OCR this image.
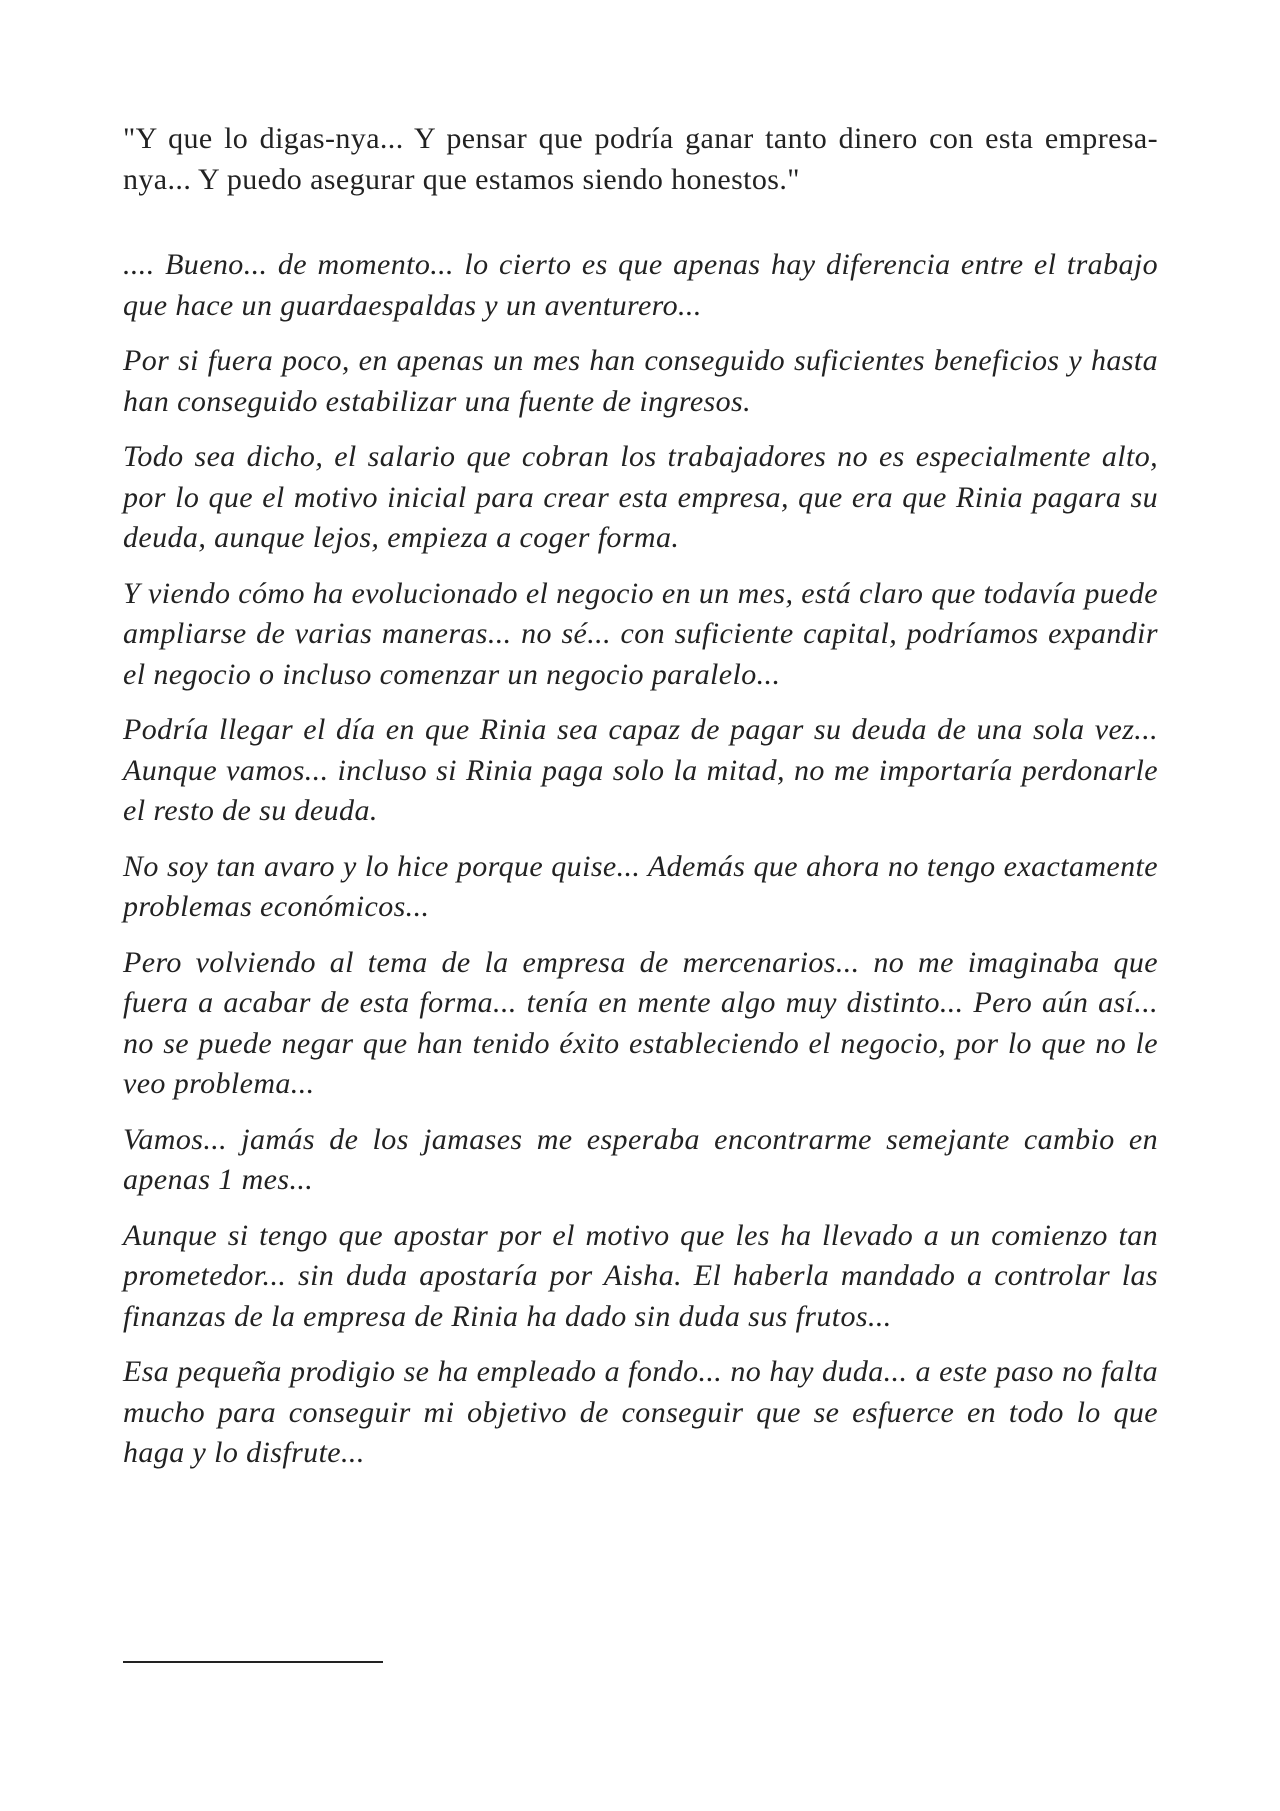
"Y que lo digas-nya... Y pensar que podría ganar tanto dinero con esta empresa-nya... Y puedo asegurar que estamos siendo honestos."

.... Bueno... de momento... lo cierto es que apenas hay diferencia entre el trabajo que hace un guardaespaldas y un aventurero...

Por si fuera poco, en apenas un mes han conseguido suficientes beneficios y hasta han conseguido estabilizar una fuente de ingresos.

Todo sea dicho, el salario que cobran los trabajadores no es especialmente alto, por lo que el motivo inicial para crear esta empresa, que era que Rinia pagara su deuda, aunque lejos, empieza a coger forma.

Y viendo cómo ha evolucionado el negocio en un mes, está claro que todavía puede ampliarse de varias maneras... no sé... con suficiente capital, podríamos expandir el negocio o incluso comenzar un negocio paralelo...

Podría llegar el día en que Rinia sea capaz de pagar su deuda de una sola vez... Aunque vamos... incluso si Rinia paga solo la mitad, no me importaría perdonarle el resto de su deuda.

No soy tan avaro y lo hice porque quise... Además que ahora no tengo exactamente problemas económicos...

Pero volviendo al tema de la empresa de mercenarios... no me imaginaba que fuera a acabar de esta forma... tenía en mente algo muy distinto... Pero aún así... no se puede negar que han tenido éxito estableciendo el negocio, por lo que no le veo problema...

Vamos... jamás de los jamases me esperaba encontrarme semejante cambio en apenas 1 mes...

Aunque si tengo que apostar por el motivo que les ha llevado a un comienzo tan prometedor... sin duda apostaría por Aisha. El haberla mandado a controlar las finanzas de la empresa de Rinia ha dado sin duda sus frutos...

Esa pequeña prodigio se ha empleado a fondo... no hay duda... a este paso no falta mucho para conseguir mi objetivo de conseguir que se esfuerce en todo lo que haga y lo disfrute...
